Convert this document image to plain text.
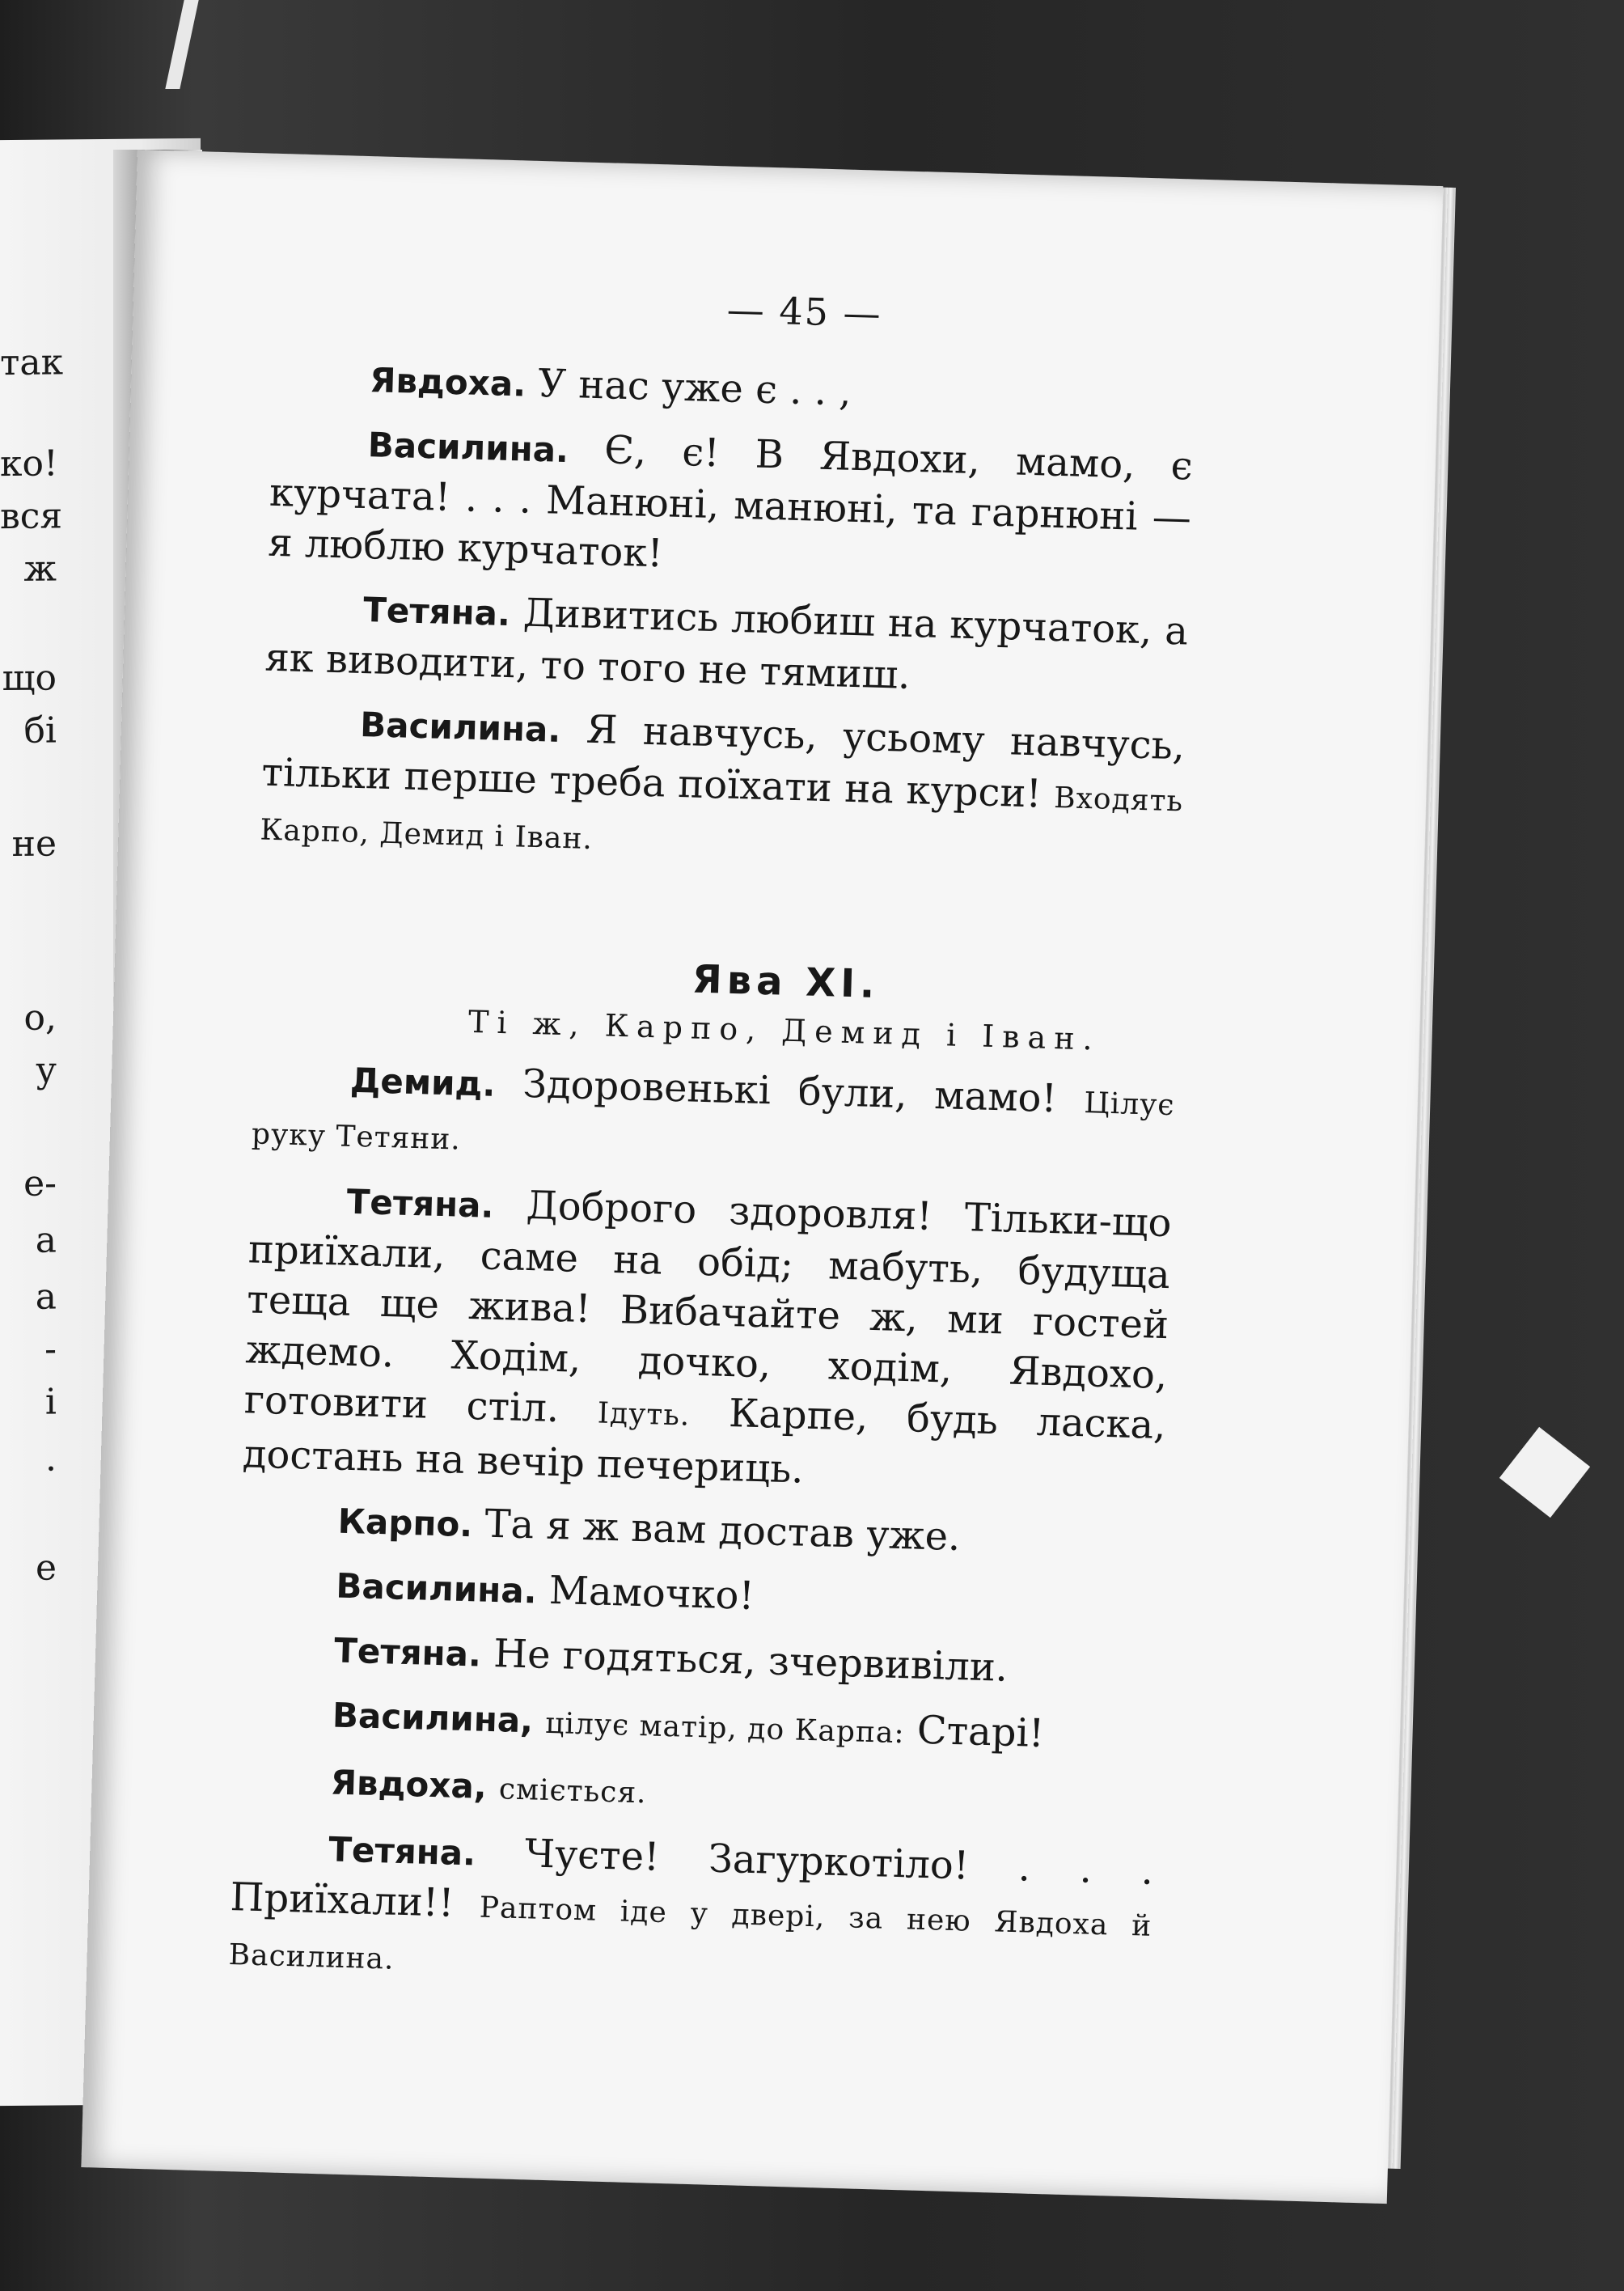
так
ко!
вся
ж
що
бі
не
о,
у
е-
а
а
-
і
.
е
— 45 —

Явдоха. У нас уже є . . ,

Василина. Є, є! В Явдохи, мамо, є курчата! . . . Манюні, манюні, та гарнюні — я люблю курчаток!

Тетяна. Дивитись любиш на курчаток, а як виводити, то того не тямиш.

Василина. Я навчусь, усьому навчусь, тільки перше треба поїхати на курси! Входять Карпо, Демид і Іван.

Ява XI.
Ті ж, Карпо, Демид і Іван.

Демид. Здоровенькі були, мамо! Цілує руку Тетяни.

Тетяна. Доброго здоровля! Тільки-що приїхали, саме на обід; мабуть, будуща теща ще жива! Вибачайте ж, ми гостей ждемо. Ходім, дочко, ходім, Явдохо, готовити стіл. Ідуть. Карпе, будь ласка, достань на вечір печериць.

Карпо. Та я ж вам достав уже.

Василина. Мамочко!

Тетяна. Не годяться, зчервивіли.

Василина, цілує матір, до Карпа: Старі!

Явдоха, сміється.

Тетяна. Чуєте! Загуркотіло! . . . Приїхали!! Раптом іде у двері, за нею Явдоха й Василина.
